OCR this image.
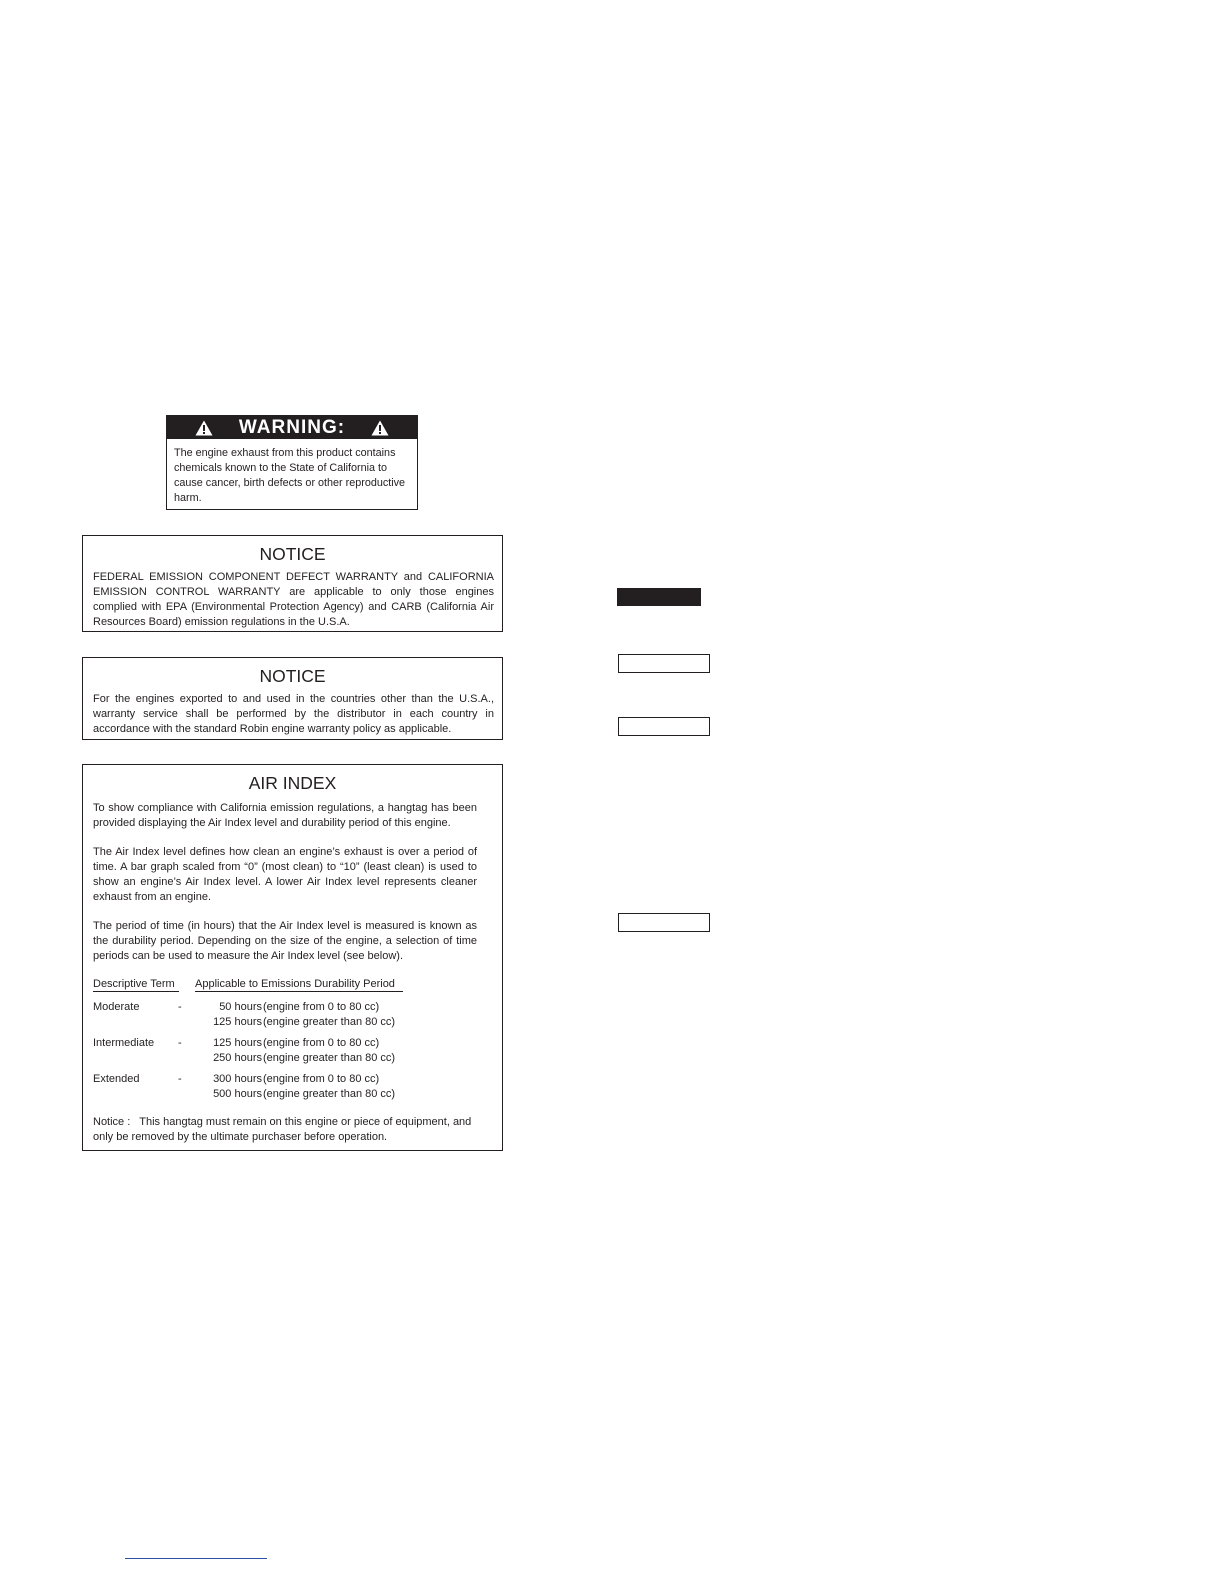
WARNING:

The engine exhaust from this product contains chemicals known to the State of California to cause cancer, birth defects or other reproductive harm.

NOTICE

FEDERAL EMISSION COMPONENT DEFECT WARRANTY and CALIFORNIA EMISSION CONTROL WARRANTY are applicable to only those engines complied with EPA (Environmental Protection Agency) and CARB (California Air Resources Board) emission regulations in the U.S.A.

NOTICE

For the engines exported to and used in the countries other than the U.S.A., warranty service shall be performed by the distributor in each country in accordance with the standard Robin engine warranty policy as applicable.

AIR INDEX

To show compliance with California emission regulations, a hangtag has been provided displaying the Air Index level and durability period of this engine.

The Air Index level defines how clean an engine’s exhaust is over a period of time. A bar graph scaled from “0” (most clean) to “10” (least clean) is used to show an engine’s Air Index level. A lower Air Index level represents cleaner exhaust from an engine.

The period of time (in hours) that the Air Index level is measured is known as the durability period. Depending on the size of the engine, a selection of time periods can be used to measure the Air Index level (see below).

Descriptive Term	Applicable to Emissions Durability Period
Moderate	-	50 hours (engine from 0 to 80 cc)
125 hours (engine greater than 80 cc)
Intermediate -	125 hours (engine from 0 to 80 cc)
250 hours (engine greater than 80 cc)
Extended	-	300 hours (engine from 0 to 80 cc)
500 hours (engine greater than 80 cc)

Notice :   This hangtag must remain on this engine or piece of equipment, and only be removed by the ultimate purchaser before operation.
